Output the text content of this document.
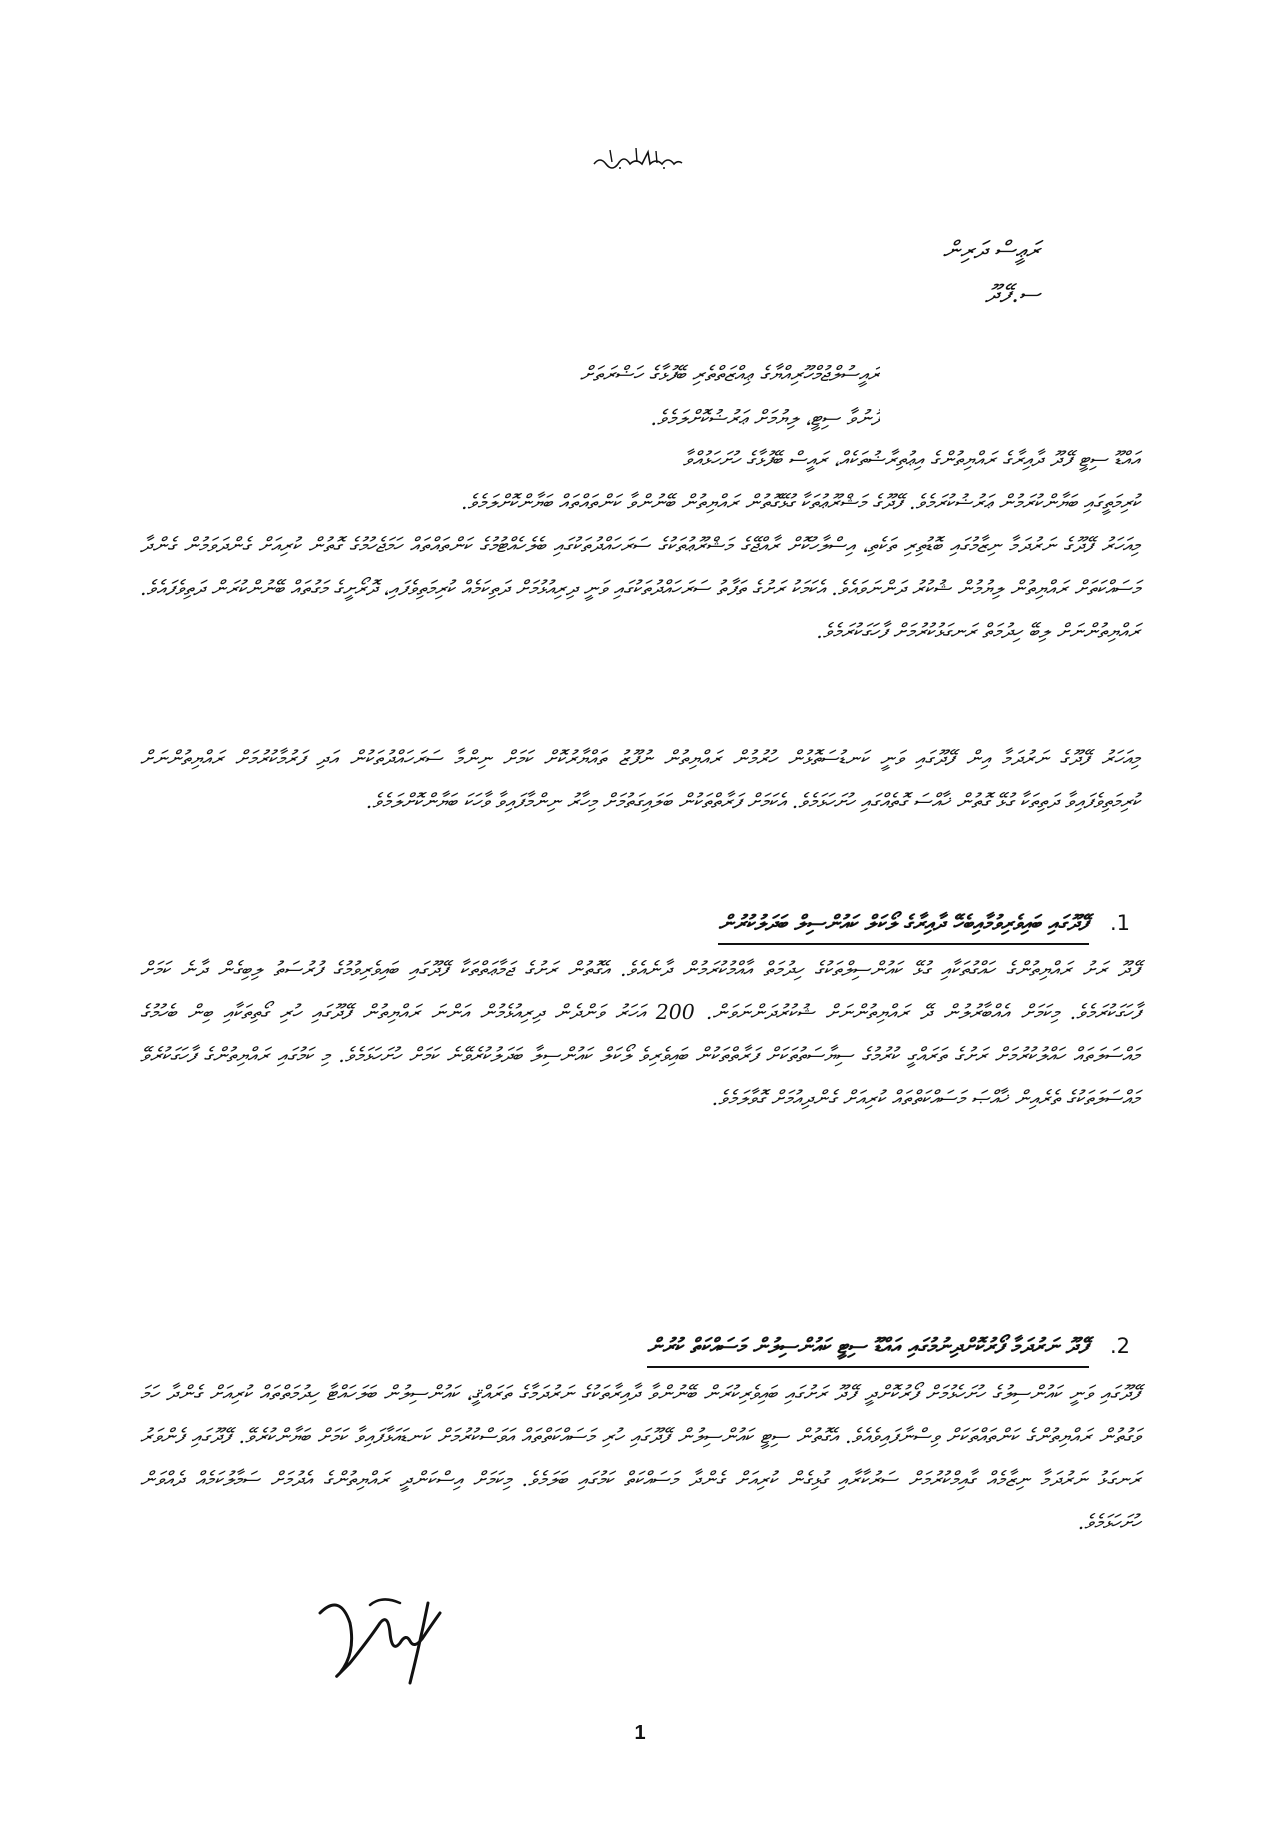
ރަޢީސް ދަރިން
ސ.ފޭދޫ
ރައީސުލްޖުމްހޫރިއްޔާގެ ޢިއްޒަތްތެރި ބޭފުޅާގެ ހަޟްރަތަށް
ފޮނުވާ ސިޓީ، ލިޔުމަށް ޢަރުޟުކޮށްލަމެވެ.

އައްޑޫ ސިޓީ ފޭދޫ ދާއިރާގެ ރައްޔިތުންގެ އިޢުތިރާޟުތަކެއް، ރައީސް ބޭފުޅާގެ ހުށަހަޅުއްވާ

ކުރިމަތީގައި ބަޔާންކުރަމުން ޢަރުޟުކުރަމެވެ. ފޭދޫގެ މަޝްރޫޢުތަކާ ގުޅޭގޮތުން ރައްޔިތުން ބޭނުންވާ ކަންތައްތައް ބަޔާންކޮށްލަމެވެ.

މިއަހަރު ފޭދޫގެ ނަރުދަމާ ނިޒާމުގައި ބޮޑުތިރި ތަކެތި، އިސްލާހުކޮށް ރާއްޖޭގެ މަޝްރޫޢުތަކުގެ ސަރަހައްދުތަކުގައި ބެލެހެއްޓުމުގެ ކަންތައްތައް ހަމަޖެހުމުގެ ގޮތުން ކުރިއަށް ގެންދަވަމުން ގެންދާ މަސައްކަތަށް ރައްޔިތުން ލިޔުމުން ޝުކުރު ދަންނަވައެވެ. އެކަމަކު ރަށުގެ ތަފާތު ސަރަހައްދުތަކުގައި ވަނީ ދިރިއުޅުމަށް ދަތިކަމެއް ކުރިމަތިވެފައި، ދޮރޯށީގެ މަގުތައް ބޭނުންކުރަން ދަތިވެފައެވެ. ރައްޔިތުންނަށް ލިބޭ ހިދުމަތް ރަނގަޅުކުރުމަށް ފާހަގަކުރަމެވެ.

މިއަހަރު ފޭދޫގެ ނަރުދަމާ އިން ފޭދޫގައި ވަނީ ކަނޑުސަތޮޅުން ހުރުމުން ރައްޔިތުން ނުފޫޒު ތައްޔާރުކޮށް ކަމަށް ނިންމާ ސަރަހައްދުތަކުން އަދި ފަރުމާކުރުމަށް ރައްޔިތުންނަށް ކުރިމަތިވެފައިވާ ދަތިތަކާ ގުޅޭ ގޮތުން ޚާއްސަ ގޮތެއްގައި ހުށަހަޅަމެވެ. އެކަމަށް ފަރާތްތަކުން ބަލައިގަތުމަށް މިހާރު ނިންމާފައިވާ ވާހަކަ ބަޔާންކޮށްލަމެވެ.

1. ފޭދޫގައި ބައިވެރިވުމާއިބެހޭ ދާއިރާގެ ލޯކަލް ކައުންސިލް ބަދަލުކުރުން

ފޭދޫ ރަށު ރައްޔިތުންގެ ހައްގުތަކާއި ގުޅޭ ކައުންސިލްތަކުގެ ހިދުމަތް އާއްމުކުރަމުން ދާނެއެވެ. އެގޮތުން ރަށުގެ ޖަމާޢަތްތަކާ ފޭދޫގައި ބައިވެރިވުމުގެ ފުރުސަތު ލިބިގެން ދާނެ ކަމަށް ފާހަގަކުރަމެވެ. މިކަމަށް އެއްބާރުލުން ދޭ ރައްޔިތުންނަށް ޝުކުރުދަންނަވަން. 200 އަހަރު ވަންދެން ދިރިއުޅެމުން އަންނަ ރައްޔިތުން ފޭދޫގައި ހުރި ގޯތިތަކާއި ބިން ބެހުމުގެ މައްސަލަތައް ހައްލުކުރުމަށް ރަށުގެ ތަރައްގީ ކުރުމުގެ ސިޔާސަތުތަކަށް ފަރާތްތަކުން ބައިވެރިވެ ލޯކަލް ކައުންސިލާ ބަދަލުކުރެވޭނެ ކަމަށް ހުށަހަޅަމެވެ. މި ކަމުގައި ރައްޔިތުންގެ ފާހަގަކުރެވޭ މައްސަލަތަކުގެ ތެރެއިން ޚާއްޞަ މަސައްކަތްތައް ކުރިއަށް ގެންދިއުމަށް ގޮވާލަމެވެ.

2. ފޭދޫ ނަރުދަމާ ފޯރުކޮށްދިނުމުގައި އައްޑޫ ސިޓީ ކައުންސިލުން މަސައްކަތް ކުރުން

ފޭދޫގައި ވަނީ ކައުންސިލުގެ ހުށަހެޅުމަށް ފޯރުކޮށްދީ ފޭދޫ ރަށުގައި ބައިވެރިކުރަން ބޭނުންވާ ދާއިރާތަކުގެ ނަރުދަމާގެ ތަރައްޤީ، ކައުންސިލުން ބަލަހައްޓާ ހިދުމަތްތައް ކުރިއަށް ގެންދާ ހަމަ ވަގުތުން ރައްޔިތުންގެ ކަންތައްތަކަށް ވިސްނާފައިވެއެވެ. އެގޮތުން ސިޓީ ކައުންސިލުން ފޭދޫގައި ހުރި މަސައްކަތްތައް އަވަސްކުރުމަށް ކަނޑައަޅާފައިވާ ކަމަށް ބަޔާންކުރެވޭ. ފޭދޫގައި ފެންވަރު ރަނގަޅު ނަރުދަމާ ނިޒާމެއް ގާއިމްކުރުމަށް ސަރުކާރާއި ގުޅިގެން ކުރިއަށް ގެންދާ މަސައްކަތް ކަމުގައި ބަލަމެވެ. މިކަމަށް އިސްކަންދީ ރައްޔިތުންގެ އެދުމަށް ސަމާލުކަމެއް ދެއްވަން ހުށަހަޅަމެވެ.

1
